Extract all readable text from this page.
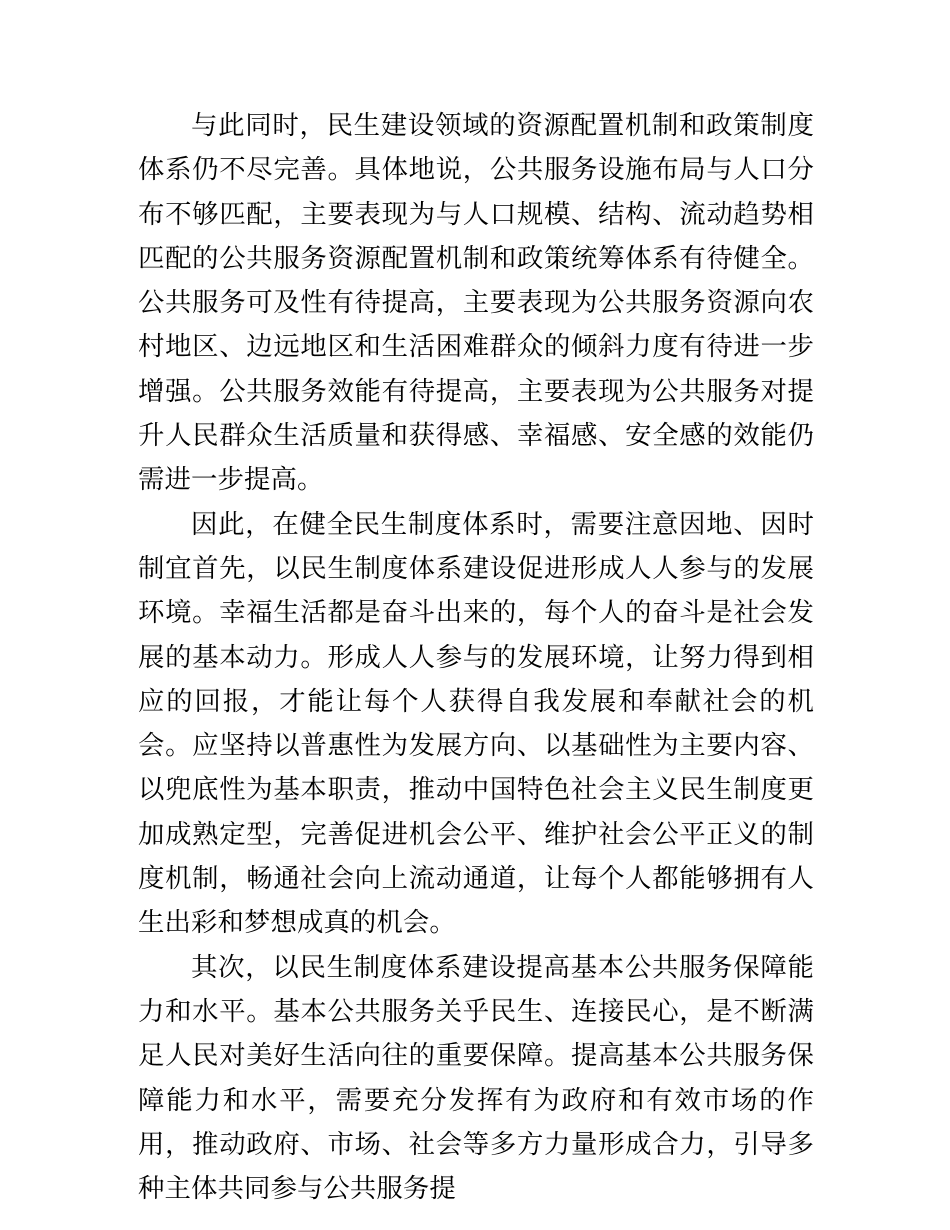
与此同时，民生建设领域的资源配置机制和政策制度体系仍不尽完善。具体地说，公共服务设施布局与人口分布不够匹配，主要表现为与人口规模、结构、流动趋势相匹配的公共服务资源配置机制和政策统筹体系有待健全。公共服务可及性有待提高，主要表现为公共服务资源向农村地区、边远地区和生活困难群众的倾斜力度有待进一步增强。公共服务效能有待提高，主要表现为公共服务对提升人民群众生活质量和获得感、幸福感、安全感的效能仍需进一步提高。

因此，在健全民生制度体系时，需要注意因地、因时制宜首先，以民生制度体系建设促进形成人人参与的发展环境。幸福生活都是奋斗出来的，每个人的奋斗是社会发展的基本动力。形成人人参与的发展环境，让努力得到相应的回报，才能让每个人获得自我发展和奉献社会的机会。应坚持以普惠性为发展方向、以基础性为主要内容、以兜底性为基本职责，推动中国特色社会主义民生制度更加成熟定型，完善促进机会公平、维护社会公平正义的制度机制，畅通社会向上流动通道，让每个人都能够拥有人生出彩和梦想成真的机会。

其次，以民生制度体系建设提高基本公共服务保障能力和水平。基本公共服务关乎民生、连接民心，是不断满足人民对美好生活向往的重要保障。提高基本公共服务保障能力和水平，需要充分发挥有为政府和有效市场的作用，推动政府、市场、社会等多方力量形成合力，引导多种主体共同参与公共服务提
